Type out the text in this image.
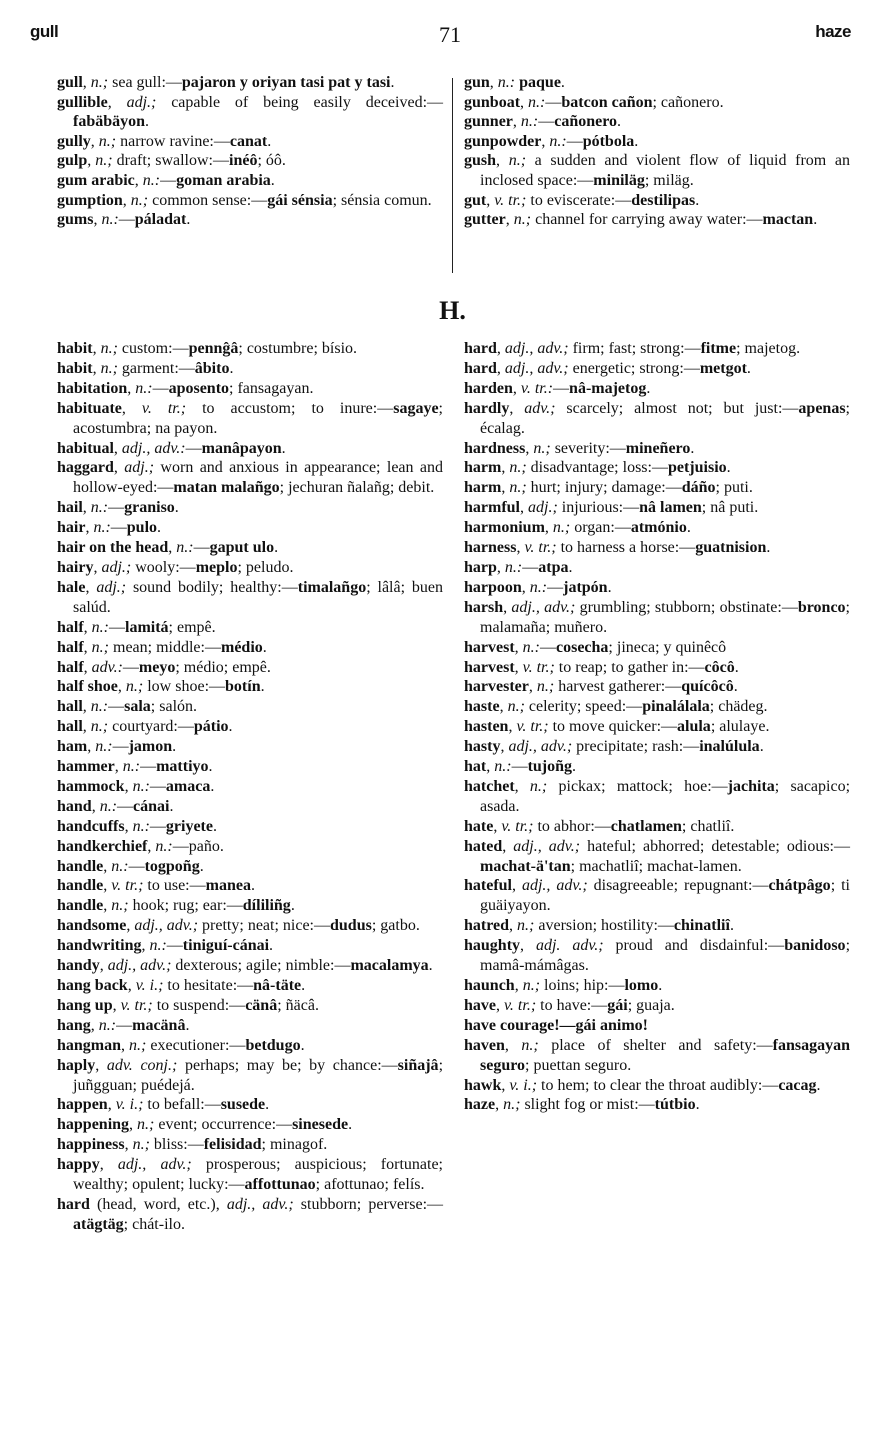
gull	71	haze
gull, n.; sea gull:—pajaron y oriyan tasi pat y tasi.
gullible, adj.; capable of being easily deceived:—fabäbäyon.
gully, n.; narrow ravine:—canat.
gulp, n.; draft; swallow:—inéô; óô.
gum arabic, n.:—goman arabia.
gumption, n.; common sense:—gái sénsia; sénsia comun.
gums, n.:—páladat.
gun, n.: paque.
gunboat, n.:—batcon cañon; cañonero.
gunner, n.:—cañonero.
gunpowder, n.:—pótbola.
gush, n.; a sudden and violent flow of liquid from an inclosed space:—miniläg; miläg.
gut, v. tr.; to eviscerate:—destilipas.
gutter, n.; channel for carrying away water:—mactan.
H.
habit, n.; custom:—pennĝâ; costumbre; bísio.
habit, n.; garment:—âbito.
habitation, n.:—aposento; fansagayan.
habituate, v. tr.; to accustom; to inure:—sagaye; acostumbra; na payon.
habitual, adj., adv.:—manâpayon.
haggard, adj.; worn and anxious in appearance; lean and hollow-eyed:—matan malañgo; jechuran ñalañg; debit.
hail, n.:—graniso.
hair, n.:—pulo.
hair on the head, n.:—gaput ulo.
hairy, adj.; wooly:—meplo; peludo.
hale, adj.; sound bodily; healthy:—timalañgo; lâlâ; buen salúd.
half, n.:—lamitá; empê.
half, n.; mean; middle:—médio.
half, adv.:—meyo; médio; empê.
half shoe, n.; low shoe:—botín.
hall, n.:—sala; salón.
hall, n.; courtyard:—pátio.
ham, n.:—jamon.
hammer, n.:—mattiyo.
hammock, n.:—amaca.
hand, n.:—cánai.
handcuffs, n.:—griyete.
handkerchief, n.:—paño.
handle, n.:—togpoñg.
handle, v. tr.; to use:—manea.
handle, n.; hook; rug; ear:—díliliñg.
handsome, adj., adv.; pretty; neat; nice:—dudus; gatbo.
handwriting, n.:—tiniguí-cánai.
handy, adj., adv.; dexterous; agile; nimble:—macalamya.
hang back, v. i.; to hesitate:—nâ-täte.
hang up, v. tr.; to suspend:—cänâ; ñäcâ.
hang, n.:—macänâ.
hangman, n.; executioner:—betdugo.
haply, adv. conj.; perhaps; may be; by chance:—siñajâ; juñgguan; puédejá.
happen, v. i.; to befall:—susede.
happening, n.; event; occurrence:—sinesede.
happiness, n.; bliss:—felisidad; minagof.
happy, adj., adv.; prosperous; auspicious; fortunate; wealthy; opulent; lucky:—affottunao; afottunao; felís.
hard (head, word, etc.), adj., adv.; stubborn; perverse:—atägtäg; chát-ilo.
hard, adj., adv.; firm; fast; strong:—fitme; majetog.
hard, adj., adv.; energetic; strong:—metgot.
harden, v. tr.:—nâ-majetog.
hardly, adv.; scarcely; almost not; but just:—apenas; écalag.
hardness, n.; severity:—mineñero.
harm, n.; disadvantage; loss:—petjuisio.
harm, n.; hurt; injury; damage:—dáño; puti.
harmful, adj.; injurious:—nâ lamen; nâ puti.
harmonium, n.; organ:—atmónio.
harness, v. tr.; to harness a horse:—guatnision.
harp, n.:—atpa.
harpoon, n.:—jatpón.
harsh, adj., adv.; grumbling; stubborn; obstinate:—bronco; malamaña; muñero.
harvest, n.:—cosecha; jineca; y quinêcô
harvest, v. tr.; to reap; to gather in:—côcô.
harvester, n.; harvest gatherer:—quícôcô.
haste, n.; celerity; speed:—pinalálala; chädeg.
hasten, v. tr.; to move quicker:—alula; alulaye.
hasty, adj., adv.; precipitate; rash:—inalúlula.
hat, n.:—tujoñg.
hatchet, n.; pickax; mattock; hoe:—jachita; sacapico; asada.
hate, v. tr.; to abhor:—chatlamen; chatliî.
hated, adj., adv.; hateful; abhorred; detestable; odious:—machat-ä'tan; machatliî; machat-lamen.
hateful, adj., adv.; disagreeable; repugnant:—chátpâgo; ti guäiyayon.
hatred, n.; aversion; hostility:—chinatliî.
haughty, adj. adv.; proud and disdainful:—banidoso; mamâ-mámâgas.
haunch, n.; loins; hip:—lomo.
have, v. tr.; to have:—gái; guaja.
have courage!—gái animo!
haven, n.; place of shelter and safety:—fansagayan seguro; puettan seguro.
hawk, v. i.; to hem; to clear the throat audibly:—cacag.
haze, n.; slight fog or mist:—tútbio.
